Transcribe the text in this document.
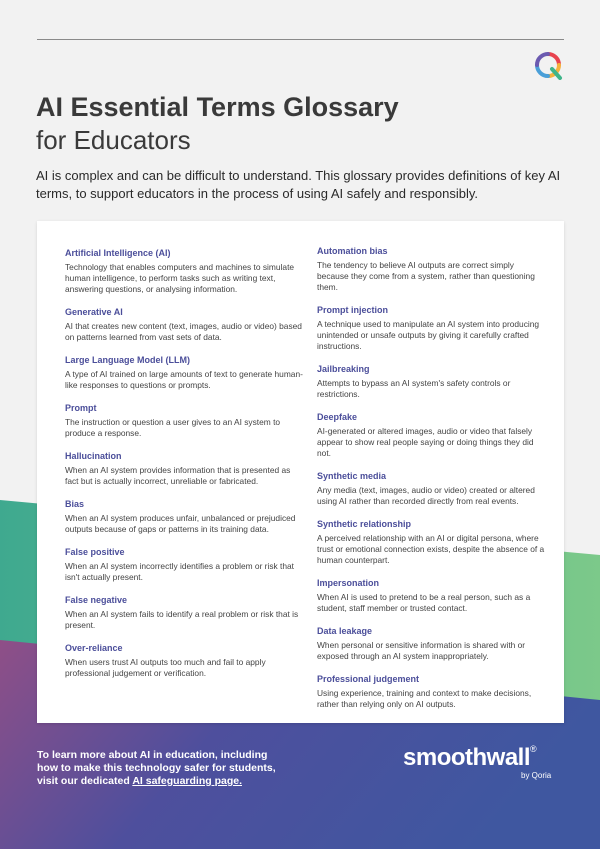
AI Essential Terms Glossary
for Educators

AI is complex and can be difficult to understand. This glossary provides definitions of key AI terms, to support educators in the process of using AI safely and responsibly.

Artificial Intelligence (AI)

Technology that enables computers and machines to simulate human intelligence, to perform tasks such as writing text, answering questions, or analysing information.

Generative AI

AI that creates new content (text, images, audio or video) based on patterns learned from vast sets of data.

Large Language Model (LLM)

A type of AI trained on large amounts of text to generate human-like responses to questions or prompts.

Prompt

The instruction or question a user gives to an AI system to produce a response.

Hallucination

When an AI system provides information that is presented as fact but is actually incorrect, unreliable or fabricated.

Bias

When an AI system produces unfair, unbalanced or prejudiced outputs because of gaps or patterns in its training data.

False positive

When an AI system incorrectly identifies a problem or risk that isn't actually present.

False negative

When an AI system fails to identify a real problem or risk that is present.

Over-reliance

When users trust AI outputs too much and fail to apply professional judgement or verification.

Automation bias

The tendency to believe AI outputs are correct simply because they come from a system, rather than questioning them.

Prompt injection

A technique used to manipulate an AI system into producing unintended or unsafe outputs by giving it carefully crafted instructions.

Jailbreaking

Attempts to bypass an AI system's safety controls or restrictions.

Deepfake

AI-generated or altered images, audio or video that falsely appear to show real people saying or doing things they did not.

Synthetic media

Any media (text, images, audio or video) created or altered using AI rather than recorded directly from real events.

Synthetic relationship

A perceived relationship with an AI or digital persona, where trust or emotional connection exists, despite the absence of a human counterpart.

Impersonation

When AI is used to pretend to be a real person, such as a student, staff member or trusted contact.

Data leakage

When personal or sensitive information is shared with or exposed through an AI system inappropriately.

Professional judgement

Using experience, training and context to make decisions, rather than relying only on AI outputs.

To learn more about AI in education, including how to make this technology safer for students, visit our dedicated AI safeguarding page.

smoothwall®
by Qoria
